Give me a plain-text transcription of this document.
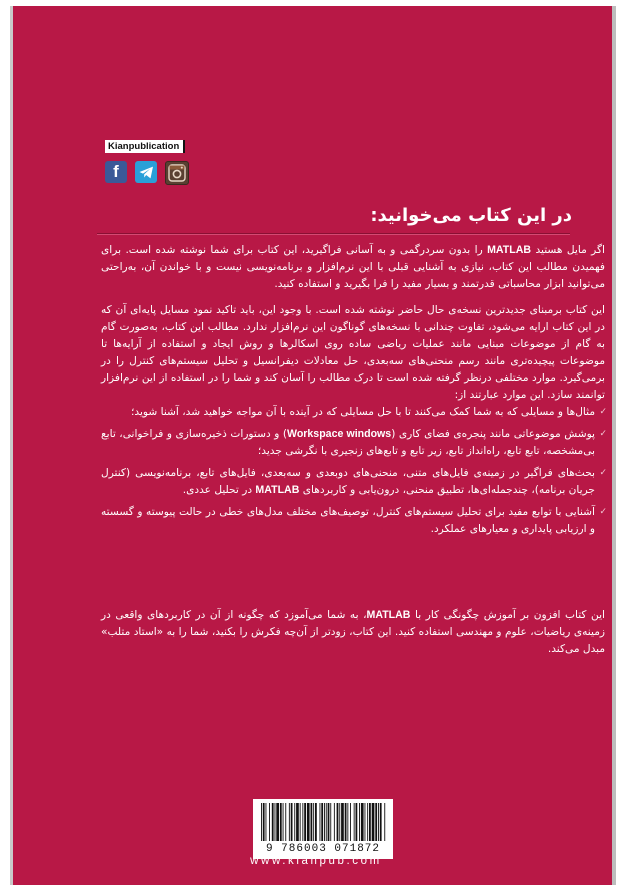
Kianpublication
f
در این کتاب می‌خوانید:

اگر مایل هستید MATLAB را بدون سردرگمی و به آسانی فراگیرید، این کتاب برای شما نوشته شده است. برای فهمیدن مطالب این کتاب، نیازی به آشنایی قبلی با این نرم‌افزار و برنامه‌نویسی نیست و با خواندن آن، به‌راحتی می‌توانید ابزار محاسباتی قدرتمند و بسیار مفید را فرا بگیرید و استفاده کنید.

این کتاب برمبنای جدیدترین نسخه‌ی حال حاضر نوشته شده است. با وجود این، باید تاکید نمود مسایل پایه‌ای آن که در این کتاب ارایه می‌شود، تفاوت چندانی با نسخه‌های گوناگون این نرم‌افزار ندارد. مطالب این کتاب، به‌صورت گام به گام از موضوعات مبنایی مانند عملیات ریاضی ساده روی اسکالرها و روش ایجاد و استفاده از آرایه‌ها تا موضوعات پیچیده‌تری مانند رسم منحنی‌های سه‌بعدی، حل معادلات دیفرانسیل و تحلیل سیستم‌های کنترل را در برمی‌گیرد. موارد مختلفی درنظر گرفته شده است تا درک مطالب را آسان کند و شما را در استفاده از این نرم‌افزار توانمند سازد. این موارد عبارتند از:

✓ مثال‌ها و مسایلی که به شما کمک می‌کنند تا با حل مسایلی که در آینده با آن مواجه خواهید شد، آشنا شوید؛
✓ پوشش موضوعاتی مانند پنجره‌ی فضای کاری (Workspace windows) و دستورات ذخیره‌سازی و فراخوانی، تابع بی‌مشخصه، تابع تابع، راه‌انداز تابع، زیر تابع و تابع‌های زنجیری با نگرشی جدید؛
✓ بحث‌های فراگیر در زمینه‌ی فایل‌های متنی، منحنی‌های دوبعدی و سه‌بعدی، فایل‌های تابع، برنامه‌نویسی (کنترل جریان برنامه)، چندجمله‌ای‌ها، تطبیق منحنی، درون‌یابی و کاربردهای MATLAB در تحلیل عددی.
✓ آشنایی با توابع مفید برای تحلیل سیستم‌های کنترل، توصیف‌های مختلف مدل‌های خطی در حالت پیوسته و گسسته و ارزیابی پایداری و معیارهای عملکرد.

این کتاب افزون بر آموزش چگونگی کار با MATLAB، به شما می‌آموزد که چگونه از آن در کاربردهای واقعی در زمینه‌ی ریاضیات، علوم و مهندسی استفاده کنید. این کتاب، زودتر از آن‌چه فکرش را بکنید، شما را به «استاد متلب» مبدل می‌کند.

9 786003 071872
www.kianpub.com
